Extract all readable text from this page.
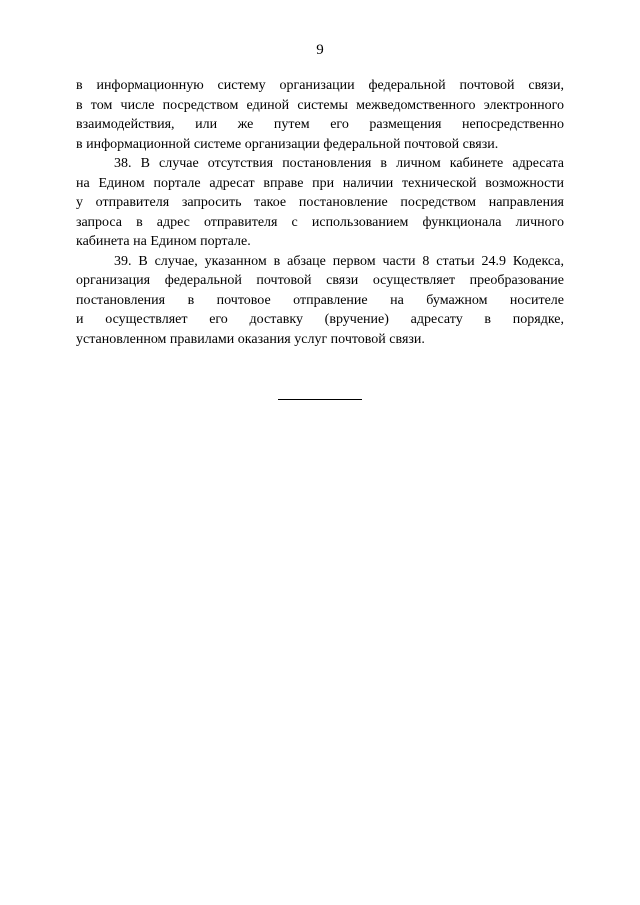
9
в информационную систему организации федеральной почтовой связи,
в том числе посредством единой системы межведомственного электронного
взаимодействия, или же путем его размещения непосредственно
в информационной системе организации федеральной почтовой связи.
38. В случае отсутствия постановления в личном кабинете адресата
на Едином портале адресат вправе при наличии технической возможности
у отправителя запросить такое постановление посредством направления
запроса в адрес отправителя с использованием функционала личного
кабинета на Едином портале.
39. В случае, указанном в абзаце первом части 8 статьи 24.9 Кодекса,
организация федеральной почтовой связи осуществляет преобразование
постановления в почтовое отправление на бумажном носителе
и осуществляет его доставку (вручение) адресату в порядке,
установленном правилами оказания услуг почтовой связи.
